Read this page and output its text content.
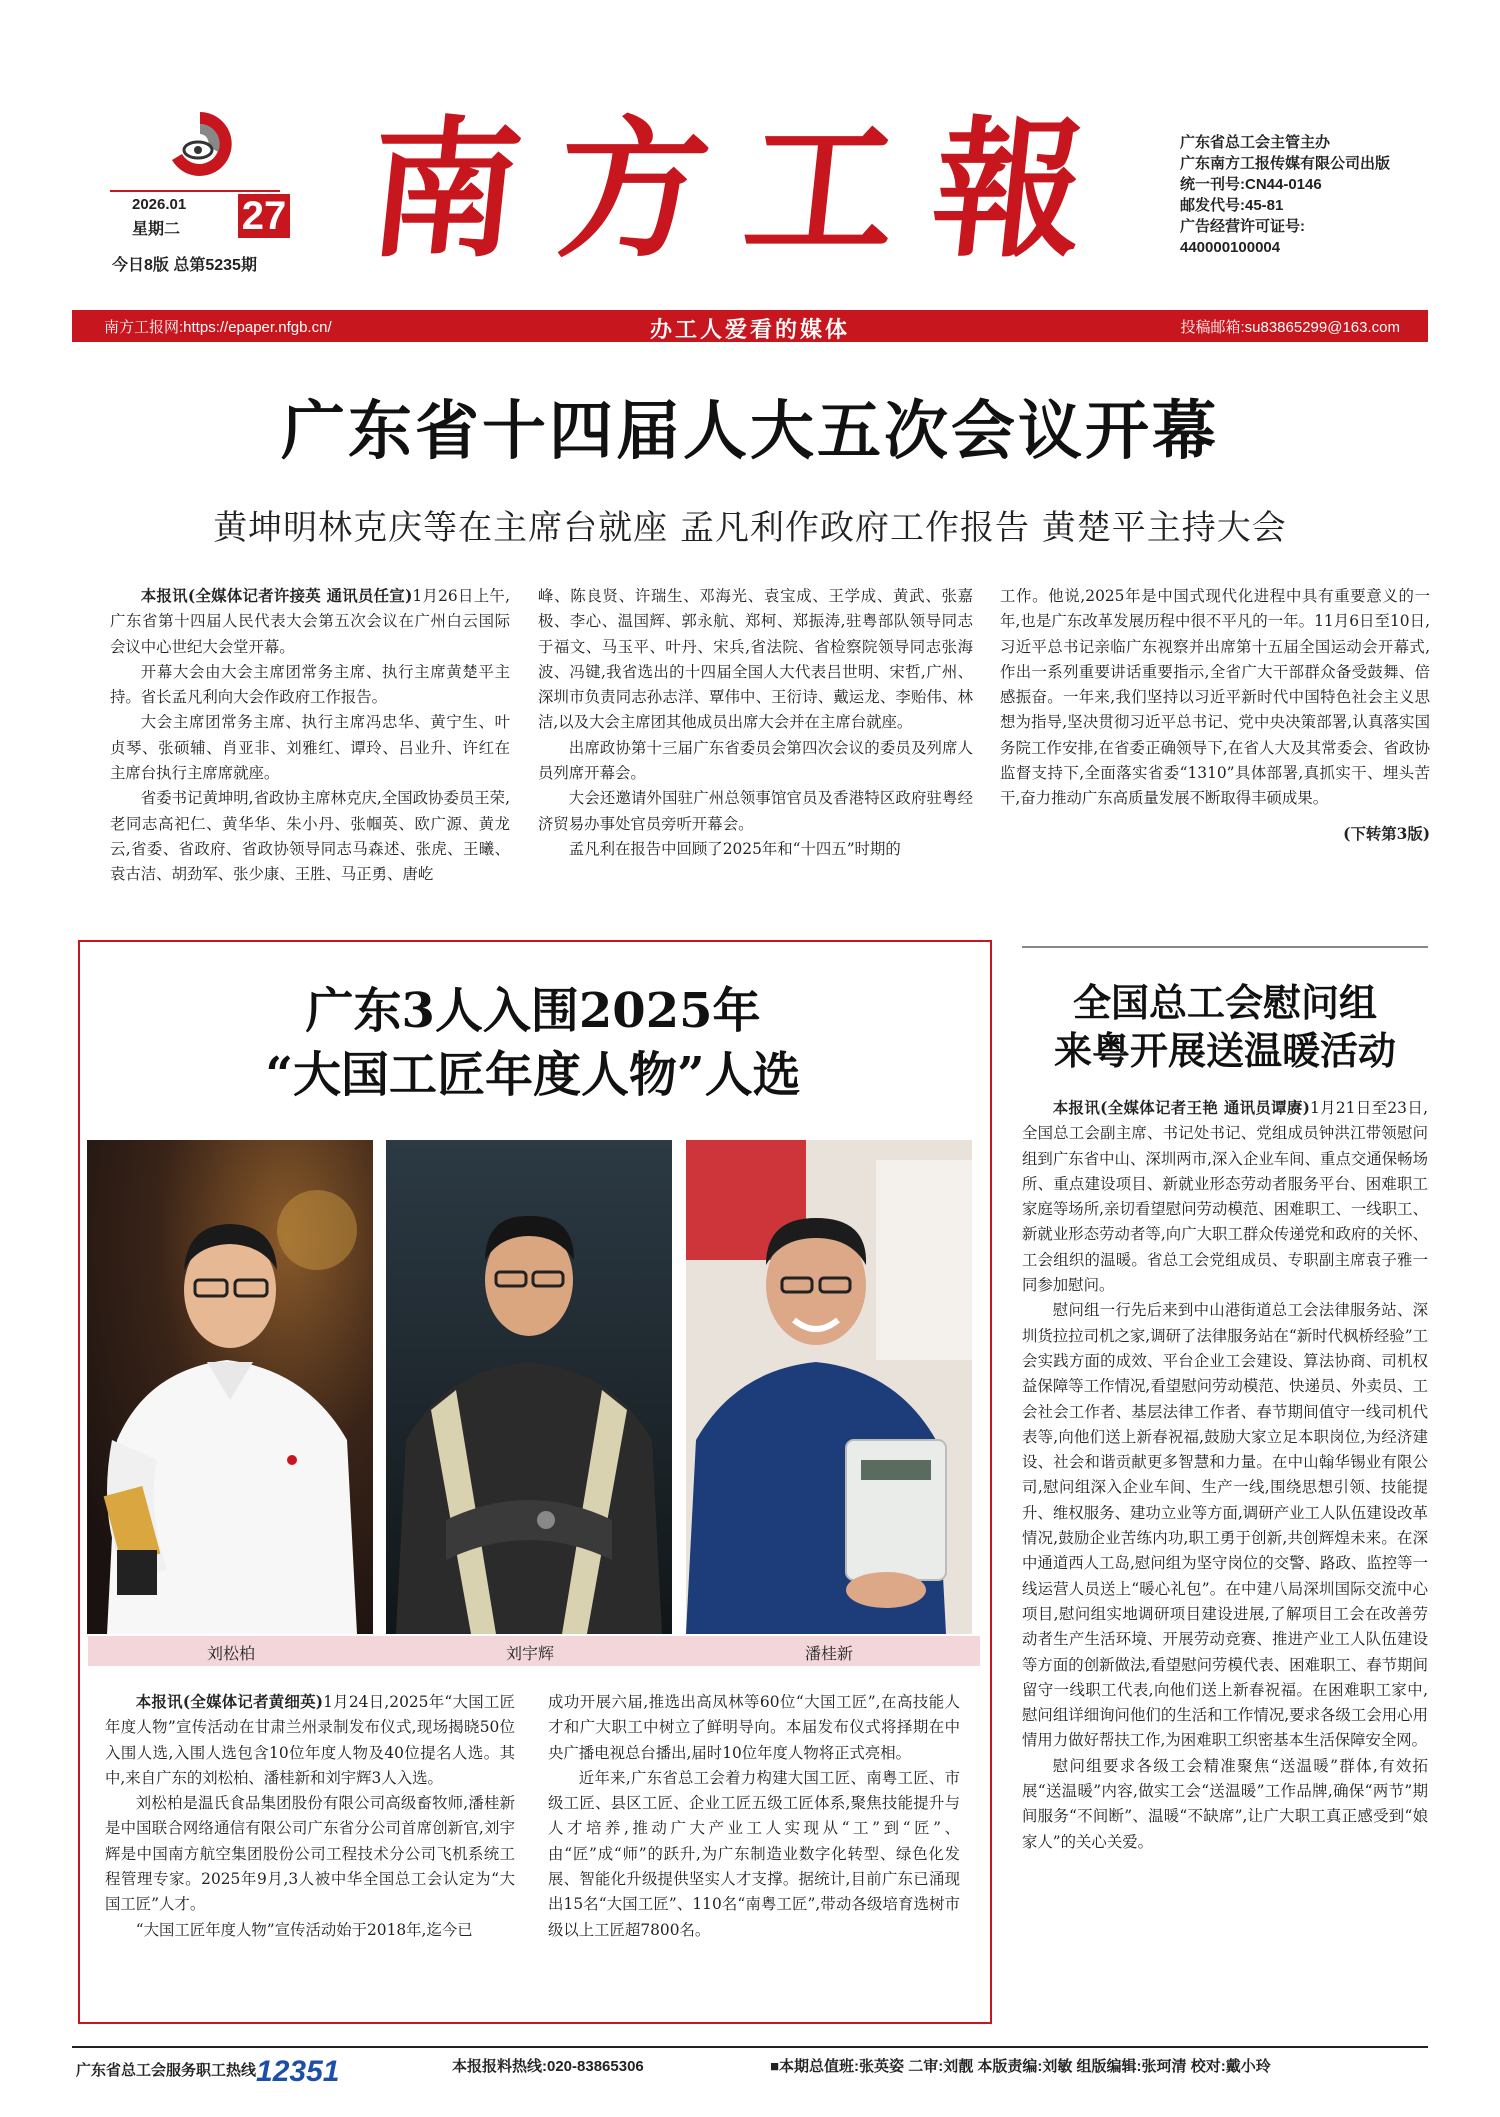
2026.01
星期二 27
今日8版 总第5235期 南方工報	广东省总工会主管主办
广东南方工报传媒有限公司出版
统一刊号:CN44-0146
邮发代号:45-81
广告经营许可证号:
440000100004
南方工报网:https://epaper.nfgb.cn/	办工人爱看的媒体	投稿邮箱:su83865299@163.com
广东省十四届人大五次会议开幕
黄坤明林克庆等在主席台就座 孟凡利作政府工作报告 黄楚平主持大会

本报讯(全媒体记者许接英 通讯员任宣)1月26日上午,广东省第十四届人民代表大会第五次会议在广州白云国际会议中心世纪大会堂开幕。

开幕大会由大会主席团常务主席、执行主席黄楚平主持。省长孟凡利向大会作政府工作报告。

大会主席团常务主席、执行主席冯忠华、黄宁生、叶贞琴、张硕辅、肖亚非、刘雅红、谭玲、吕业升、许红在主席台执行主席席就座。

省委书记黄坤明,省政协主席林克庆,全国政协委员王荣,老同志高祀仁、黄华华、朱小丹、张帼英、欧广源、黄龙云,省委、省政府、省政协领导同志马森述、张虎、王曦、袁古洁、胡劲军、张少康、王胜、马正勇、唐屹

峰、陈良贤、许瑞生、邓海光、袁宝成、王学成、黄武、张嘉极、李心、温国辉、郭永航、郑柯、郑振涛,驻粤部队领导同志于福文、马玉平、叶丹、宋兵,省法院、省检察院领导同志张海波、冯键,我省选出的十四届全国人大代表吕世明、宋哲,广州、深圳市负责同志孙志洋、覃伟中、王衍诗、戴运龙、李贻伟、林洁,以及大会主席团其他成员出席大会并在主席台就座。

出席政协第十三届广东省委员会第四次会议的委员及列席人员列席开幕会。

大会还邀请外国驻广州总领事馆官员及香港特区政府驻粤经济贸易办事处官员旁听开幕会。

孟凡利在报告中回顾了2025年和“十四五”时期的

工作。他说,2025年是中国式现代化进程中具有重要意义的一年,也是广东改革发展历程中很不平凡的一年。11月6日至10日,习近平总书记亲临广东视察并出席第十五届全国运动会开幕式,作出一系列重要讲话重要指示,全省广大干部群众备受鼓舞、倍感振奋。一年来,我们坚持以习近平新时代中国特色社会主义思想为指导,坚决贯彻习近平总书记、党中央决策部署,认真落实国务院工作安排,在省委正确领导下,在省人大及其常委会、省政协监督支持下,全面落实省委“1310”具体部署,真抓实干、埋头苦干,奋力推动广东高质量发展不断取得丰硕成果。

(下转第3版)

广东3人入围2025年
“大国工匠年度人物”人选
刘松柏	刘宇辉	潘桂新

本报讯(全媒体记者黄细英)1月24日,2025年“大国工匠年度人物”宣传活动在甘肃兰州录制发布仪式,现场揭晓50位入围人选,入围人选包含10位年度人物及40位提名人选。其中,来自广东的刘松柏、潘桂新和刘宇辉3人入选。

刘松柏是温氏食品集团股份有限公司高级畜牧师,潘桂新是中国联合网络通信有限公司广东省分公司首席创新官,刘宇辉是中国南方航空集团股份公司工程技术分公司飞机系统工程管理专家。2025年9月,3人被中华全国总工会认定为“大国工匠”人才。

“大国工匠年度人物”宣传活动始于2018年,迄今已

成功开展六届,推选出高凤林等60位“大国工匠”,在高技能人才和广大职工中树立了鲜明导向。本届发布仪式将择期在中央广播电视总台播出,届时10位年度人物将正式亮相。

近年来,广东省总工会着力构建大国工匠、南粤工匠、市级工匠、县区工匠、企业工匠五级工匠体系,聚焦技能提升与人才培养,推动广大产业工人实现从“工”到“匠”、由“匠”成“师”的跃升,为广东制造业数字化转型、绿色化发展、智能化升级提供坚实人才支撑。据统计,目前广东已涌现出15名“大国工匠”、110名“南粤工匠”,带动各级培育选树市级以上工匠超7800名。

全国总工会慰问组
来粤开展送温暖活动

本报讯(全媒体记者王艳 通讯员谭赓)1月21日至23日,全国总工会副主席、书记处书记、党组成员钟洪江带领慰问组到广东省中山、深圳两市,深入企业车间、重点交通保畅场所、重点建设项目、新就业形态劳动者服务平台、困难职工家庭等场所,亲切看望慰问劳动模范、困难职工、一线职工、新就业形态劳动者等,向广大职工群众传递党和政府的关怀、工会组织的温暖。省总工会党组成员、专职副主席袁子雅一同参加慰问。

慰问组一行先后来到中山港街道总工会法律服务站、深圳货拉拉司机之家,调研了法律服务站在“新时代枫桥经验”工会实践方面的成效、平台企业工会建设、算法协商、司机权益保障等工作情况,看望慰问劳动模范、快递员、外卖员、工会社会工作者、基层法律工作者、春节期间值守一线司机代表等,向他们送上新春祝福,鼓励大家立足本职岗位,为经济建设、社会和谐贡献更多智慧和力量。在中山翰华锡业有限公司,慰问组深入企业车间、生产一线,围绕思想引领、技能提升、维权服务、建功立业等方面,调研产业工人队伍建设改革情况,鼓励企业苦练内功,职工勇于创新,共创辉煌未来。在深中通道西人工岛,慰问组为坚守岗位的交警、路政、监控等一线运营人员送上“暖心礼包”。在中建八局深圳国际交流中心项目,慰问组实地调研项目建设进展,了解项目工会在改善劳动者生产生活环境、开展劳动竞赛、推进产业工人队伍建设等方面的创新做法,看望慰问劳模代表、困难职工、春节期间留守一线职工代表,向他们送上新春祝福。在困难职工家中,慰问组详细询问他们的生活和工作情况,要求各级工会用心用情用力做好帮扶工作,为困难职工织密基本生活保障安全网。

慰问组要求各级工会精准聚焦“送温暖”群体,有效拓展“送温暖”内容,做实工会“送温暖”工作品牌,确保“两节”期间服务“不间断”、温暖“不缺席”,让广大职工真正感受到“娘家人”的关心关爱。

广东省总工会服务职工热线12351	本报报料热线:020-83865306	■本期总值班:张英姿 二审:刘靓 本版责编:刘敏 组版编辑:张珂清 校对:戴小玲
